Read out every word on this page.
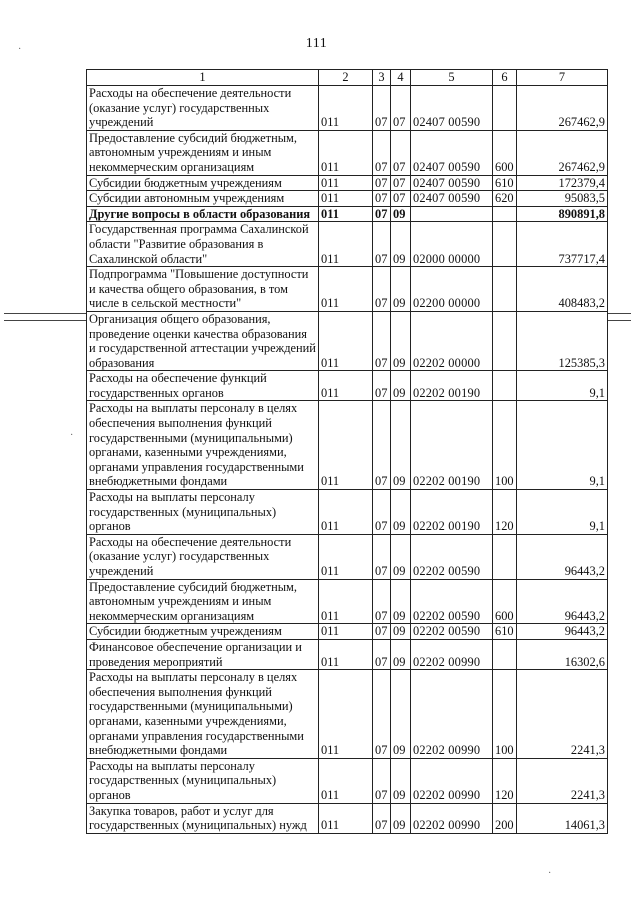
111
·
·
·
1	2	3	4	5	6	7
Расходы на обеспечение деятельности (оказание услуг) государственных учреждений	011	07	07	02407 00590		267462,9
Предоставление субсидий бюджетным, автономным учреждениям и иным некоммерческим организациям	011	07	07	02407 00590	600	267462,9
Субсидии бюджетным учреждениям	011	07	07	02407 00590	610	172379,4
Субсидии автономным учреждениям	011	07	07	02407 00590	620	95083,5
Другие вопросы в области образования	011	07	09			890891,8
Государственная программа Сахалинской области "Развитие образования в Сахалинской области"	011	07	09	02000 00000		737717,4
Подпрограмма "Повышение доступности и качества общего образования, в том числе в сельской местности"	011	07	09	02200 00000		408483,2
Организация общего образования, проведение оценки качества образования и государственной аттестации учреждений образования	011	07	09	02202 00000		125385,3
Расходы на обеспечение функций государственных органов	011	07	09	02202 00190		9,1
Расходы на выплаты персоналу в целях обеспечения выполнения функций государственными (муниципальными) органами, казенными учреждениями, органами управления государственными внебюджетными фондами	011	07	09	02202 00190	100	9,1
Расходы на выплаты персоналу государственных (муниципальных) органов	011	07	09	02202 00190	120	9,1
Расходы на обеспечение деятельности (оказание услуг) государственных учреждений	011	07	09	02202 00590		96443,2
Предоставление субсидий бюджетным, автономным учреждениям и иным некоммерческим организациям	011	07	09	02202 00590	600	96443,2
Субсидии бюджетным учреждениям	011	07	09	02202 00590	610	96443,2
Финансовое обеспечение организации и проведения мероприятий	011	07	09	02202 00990		16302,6
Расходы на выплаты персоналу в целях обеспечения выполнения функций государственными (муниципальными) органами, казенными учреждениями, органами управления государственными внебюджетными фондами	011	07	09	02202 00990	100	2241,3
Расходы на выплаты персоналу государственных (муниципальных) органов	011	07	09	02202 00990	120	2241,3
Закупка товаров, работ и услуг для государственных (муниципальных) нужд	011	07	09	02202 00990	200	14061,3
